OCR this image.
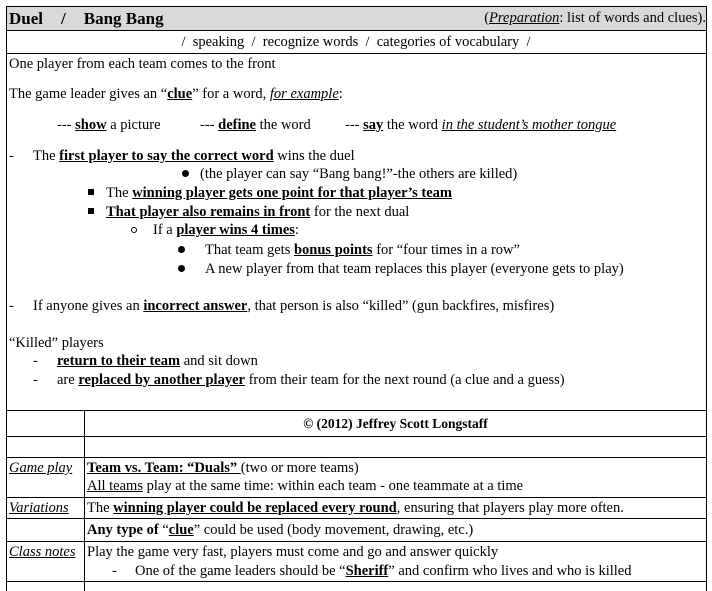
Duel / Bang Bang	(Preparation: list of words and clues).
/  speaking  /  recognize words  /  categories of vocabulary  /
One player from each team comes to the front
The game leader gives an “clue” for a word, for example:
--- show a picture	--- define the word --- say the word in the student’s mother tongue
- The first player to say the correct word wins the duel
(the player can say “Bang bang!”-the others are killed)
The winning player gets one point for that player’s team
That player also remains in front for the next dual
If a player wins 4 times:
That team gets bonus points for “four times in a row”
A new player from that team replaces this player (everyone gets to play)
- If anyone gives an incorrect answer, that person is also “killed” (gun backfires, misfires)
“Killed” players
- return to their team and sit down
- are replaced by another player from their team for the next round (a clue and a guess)
© (2012) Jeffrey Scott Longstaff
Game play Team vs. Team: “Duals” (two or more teams)
All teams play at the same time: within each team - one teammate at a time
Variations The winning player could be replaced every round, ensuring that players play more often.
Any type of “clue” could be used (body movement, drawing, etc.)
Class notes Play the game very fast, players must come and go and answer quickly
- One of the game leaders should be “Sheriff” and confirm who lives and who is killed
